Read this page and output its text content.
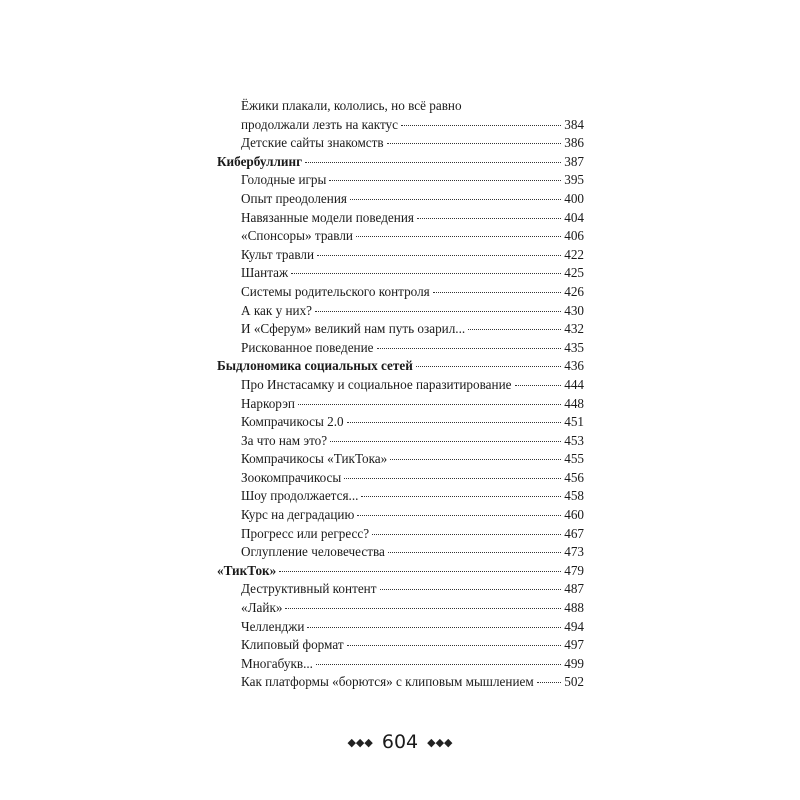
Ёжики плакали, кололись, но всё равно
продолжали лезть на кактус	384
Детские сайты знакомств	386
Кибербуллинг	387
Голодные игры	395
Опыт преодоления	400
Навязанные модели поведения	404
«Спонсоры» травли	406
Культ травли	422
Шантаж	425
Системы родительского контроля	426
А как у них?	430
И «Сферум» великий нам путь озарил...	432
Рискованное поведение	435
Быдлономика социальных сетей	436
Про Инстасамку и социальное паразитирование	444
Наркорэп	448
Компрачикосы 2.0	451
За что нам это?	453
Компрачикосы «ТикТока»	455
Зоокомпрачикосы	456
Шоу продолжается...	458
Курс на деградацию	460
Прогресс или регресс?	467
Оглупление человечества	473
«ТикТок»	479
Деструктивный контент	487
«Лайк»	488
Челленджи	494
Клиповый формат	497
Многабукв...	499
Как платформы «борются» с клиповым мышлением 502
◆◆◆ 604 ◆◆◆
